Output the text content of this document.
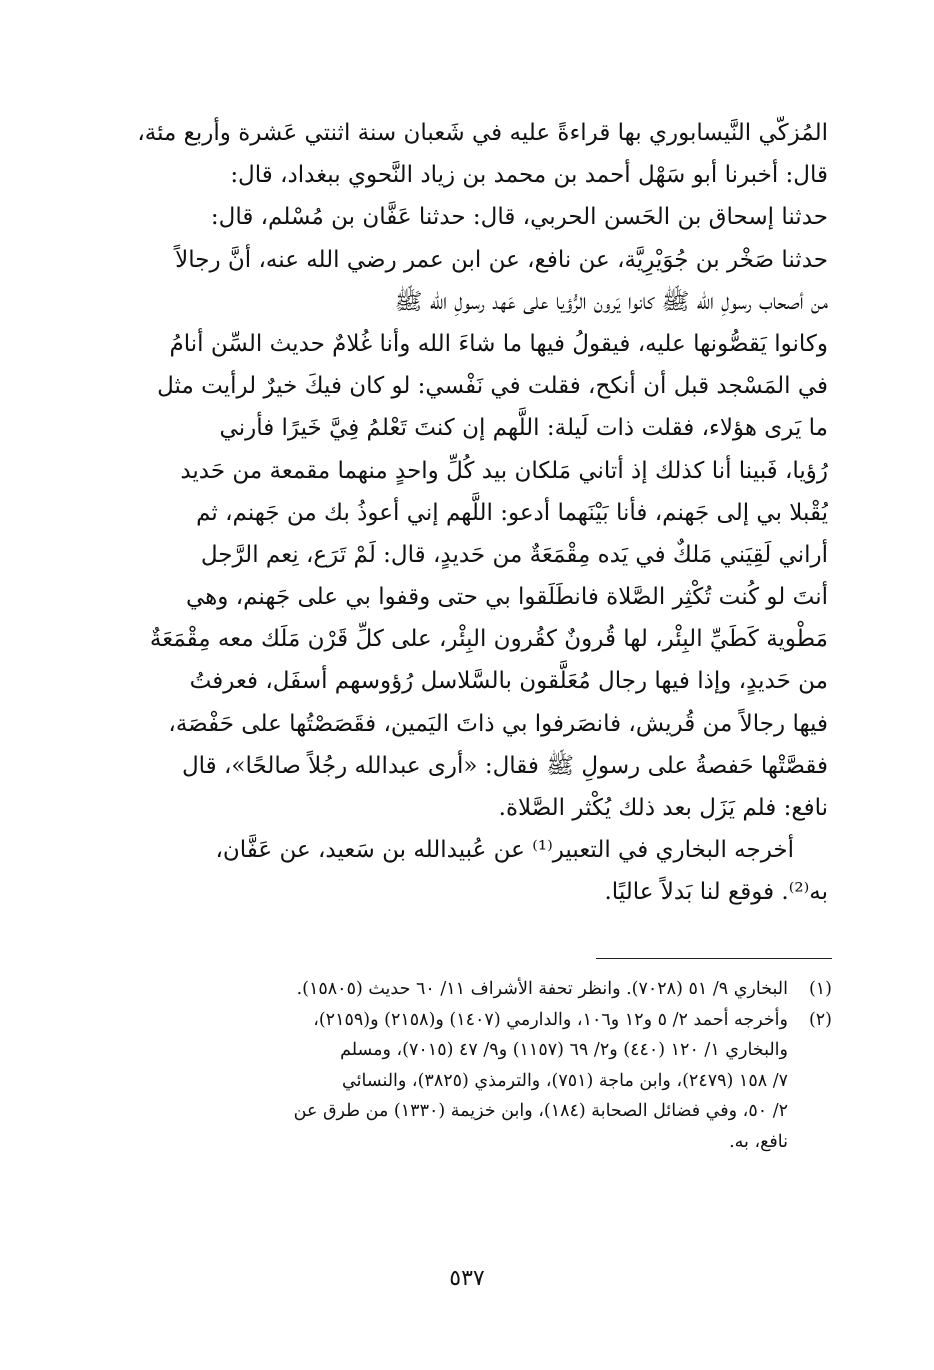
المُزكّي النَّيسابوري بها قراءةً عليه في شَعبان سنة اثنتي عَشرة وأربع مئة،
قال: أخبرنا أبو سَهْل أحمد بن محمد بن زياد النَّحوي ببغداد، قال:
حدثنا إسحاق بن الحَسن الحربي، قال: حدثنا عَفَّان بن مُسْلم، قال:
حدثنا صَخْر بن جُوَيْرِيَّة، عن نافع، عن ابن عمر رضي الله عنه، أنَّ رجالاً
من أصحاب رسولِ الله ﷺ كانوا يَرون الرُّؤيا على عَهد رسولِ الله ﷺ
وكانوا يَقصُّونها عليه، فيقولُ فيها ما شاءَ الله وأنا غُلامٌ حديث السِّن أنامُ
في المَسْجد قبل أن أنكح، فقلت في نَفْسي: لو كان فيكَ خيرٌ لرأيت مثل
ما يَرى هؤلاء، فقلت ذات لَيلة: اللَّهم إن كنتَ تَعْلمُ فِيَّ خَيرًا فأرني
رُؤيا، فَبينا أنا كذلك إذ أتاني مَلكان بيد كُلِّ واحدٍ منهما مقمعة من حَديد
يُقْبلا بي إلى جَهنم، فأنا بَيْنَهما أدعو: اللَّهم إني أعوذُ بك من جَهنم، ثم
أراني لَقِيَني مَلكٌ في يَده مِقْمَعَةٌ من حَديدٍ، قال: لَمْ تَرَع، نِعم الرَّجل
أنتَ لو كُنت تُكْثِر الصَّلاة فانطَلَقوا بي حتى وقفوا بي على جَهنم، وهي
مَطْوية كَطَيِّ البِئْر، لها قُرونٌ كقُرون البِئْر، على كلِّ قَرْن مَلَك معه مِقْمَعَةٌ
من حَديدٍ، وإذا فيها رجال مُعَلَّقون بالسَّلاسل رُؤوسهم أسفَل، فعرفتُ
فيها رجالاً من قُريش، فانصَرفوا بي ذاتَ اليَمين، فقَصَصْتُها على حَفْصَة،
فقصَّتْها حَفصةُ على رسولِ ﷺ فقال: «أرى عبدالله رجُلاً صالحًا»، قال
نافع: فلم يَزَل بعد ذلك يُكْثر الصَّلاة.
أخرجه البخاري في التعبير⁽¹⁾ عن عُبيدالله بن سَعيد، عن عَفَّان،
به⁽²⁾. فوقع لنا بَدلاً عاليًا.
(١)
البخاري ٩/ ٥١ (٧٠٢٨). وانظر تحفة الأشراف ١١/ ٦٠ حديث (١٥٨٠٥).
(٢)
وأخرجه أحمد ٢/ ٥ و١٢ و١٠٦، والدارمي (١٤٠٧) و(٢١٥٨) و(٢١٥٩)،
والبخاري ١/ ١٢٠ (٤٤٠) و٢/ ٦٩ (١١٥٧) و٩/ ٤٧ (٧٠١٥)، ومسلم
٧/ ١٥٨ (٢٤٧٩)، وابن ماجة (٧٥١)، والترمذي (٣٨٢٥)، والنسائي
٢/ ٥٠، وفي فضائل الصحابة (١٨٤)، وابن خزيمة (١٣٣٠) من طرق عن
نافع، به.
٥٣٧
